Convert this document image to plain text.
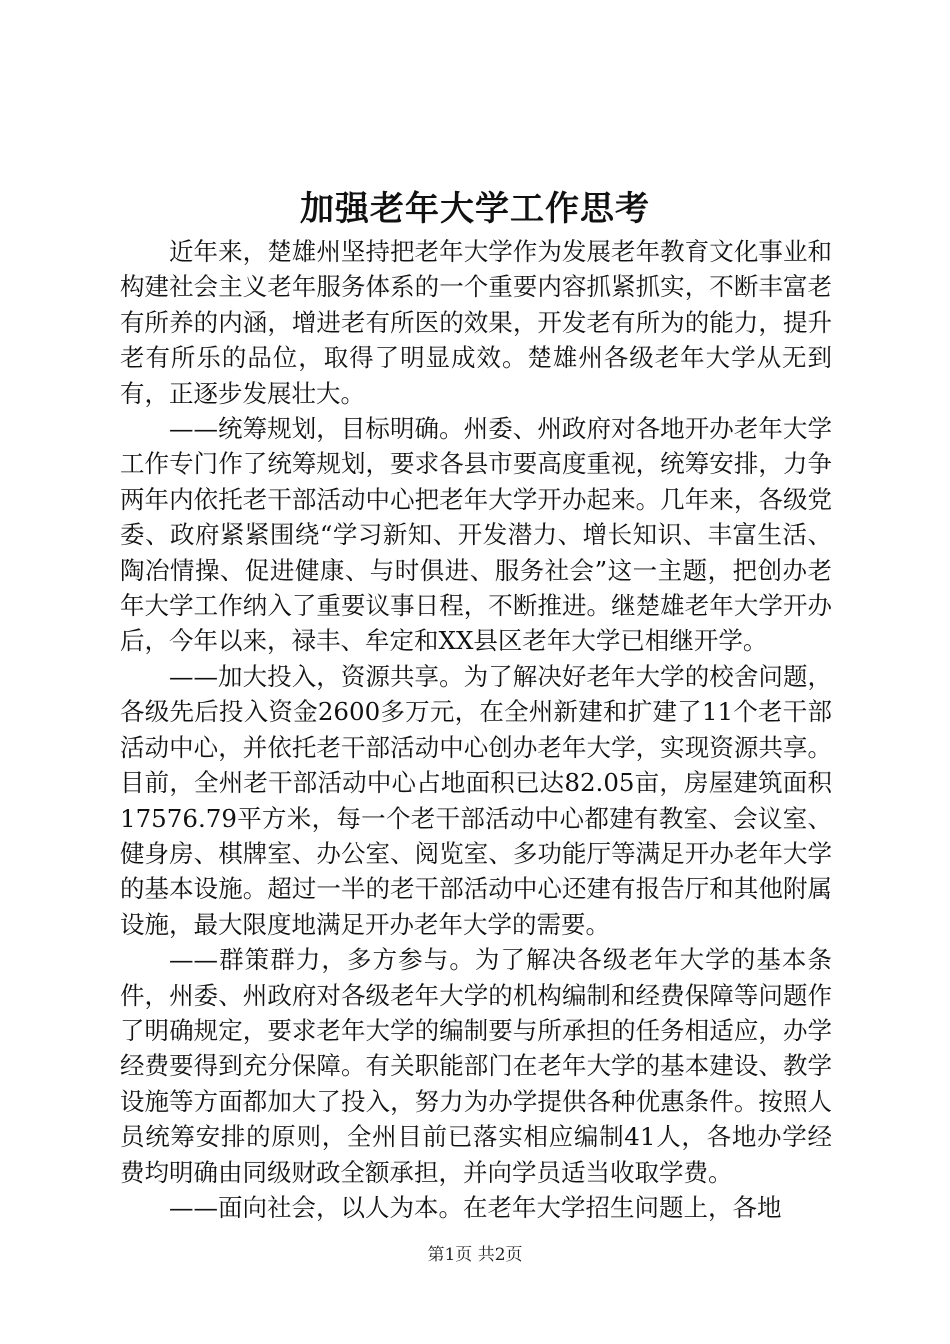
加强老年大学工作思考

近年来，楚雄州坚持把老年大学作为发展老年教育文化事业和构建社会主义老年服务体系的一个重要内容抓紧抓实，不断丰富老有所养的内涵，增进老有所医的效果，开发老有所为的能力，提升老有所乐的品位，取得了明显成效。楚雄州各级老年大学从无到有，正逐步发展壮大。

——统筹规划，目标明确。州委、州政府对各地开办老年大学工作专门作了统筹规划，要求各县市要高度重视，统筹安排，力争两年内依托老干部活动中心把老年大学开办起来。几年来，各级党委、政府紧紧围绕“学习新知、开发潜力、增长知识、丰富生活、陶冶情操、促进健康、与时俱进、服务社会”这一主题，把创办老年大学工作纳入了重要议事日程，不断推进。继楚雄老年大学开办后，今年以来，禄丰、牟定和XX县区老年大学已相继开学。

——加大投入，资源共享。为了解决好老年大学的校舍问题，各级先后投入资金2600多万元，在全州新建和扩建了11个老干部活动中心，并依托老干部活动中心创办老年大学，实现资源共享。目前，全州老干部活动中心占地面积已达82.05亩，房屋建筑面积17576.79平方米，每一个老干部活动中心都建有教室、会议室、健身房、棋牌室、办公室、阅览室、多功能厅等满足开办老年大学的基本设施。超过一半的老干部活动中心还建有报告厅和其他附属设施，最大限度地满足开办老年大学的需要。

——群策群力，多方参与。为了解决各级老年大学的基本条件，州委、州政府对各级老年大学的机构编制和经费保障等问题作了明确规定，要求老年大学的编制要与所承担的任务相适应，办学经费要得到充分保障。有关职能部门在老年大学的基本建设、教学设施等方面都加大了投入，努力为办学提供各种优惠条件。按照人员统筹安排的原则，全州目前已落实相应编制41人，各地办学经费均明确由同级财政全额承担，并向学员适当收取学费。

——面向社会，以人为本。在老年大学招生问题上，各地

第1页 共2页
